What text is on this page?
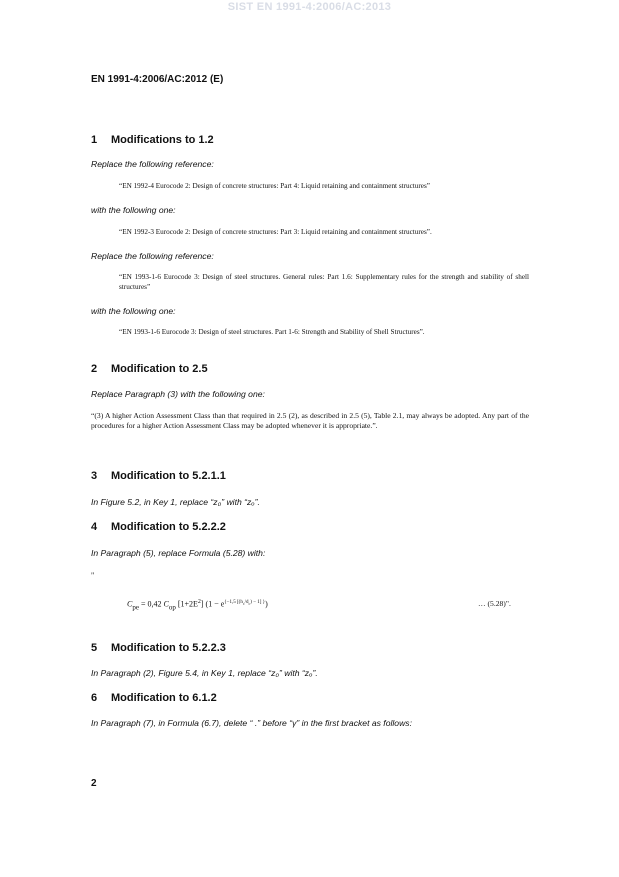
SIST EN 1991-4:2006/AC:2013
EN 1991-4:2006/AC:2012 (E)
1 Modifications to 1.2
Replace the following reference:
“EN 1992-4 Eurocode 2: Design of concrete structures: Part 4: Liquid retaining and containment structures”
with the following one:
“EN 1992-3 Eurocode 2: Design of concrete structures: Part 3: Liquid retaining and containment structures”.
Replace the following reference:
“EN 1993-1-6 Eurocode 3: Design of steel structures. General rules: Part 1.6: Supplementary rules for the strength and stability of shell structures”
with the following one:
“EN 1993-1-6 Eurocode 3: Design of steel structures. Part 1-6: Strength and Stability of Shell Structures”.
2 Modification to 2.5
Replace Paragraph (3) with the following one:
“(3) A higher Action Assessment Class than that required in 2.5 (2), as described in 2.5 (5), Table 2.1, may always be adopted. Any part of the procedures for a higher Action Assessment Class may be adopted whenever it is appropriate.”.
3 Modification to 5.2.1.1
In Figure 5.2, in Key 1, replace “z₀” with “zₒ”.
4 Modification to 5.2.2.2
In Paragraph (5), replace Formula (5.28) with:
"
$C_{pe} = 0,42$ $C_{op}$ $[1+2E^2] (1 - e^{\{-1,5 [(h_c/d_c) - 1] \}})$	… (5.28)".
5 Modification to 5.2.2.3
In Paragraph (2), Figure 5.4, in Key 1, replace “z₀” with “zₒ”.
6 Modification to 6.1.2
In Paragraph (7), in Formula (6.7), delete “ .” before “γ” in the first bracket as follows:
2
